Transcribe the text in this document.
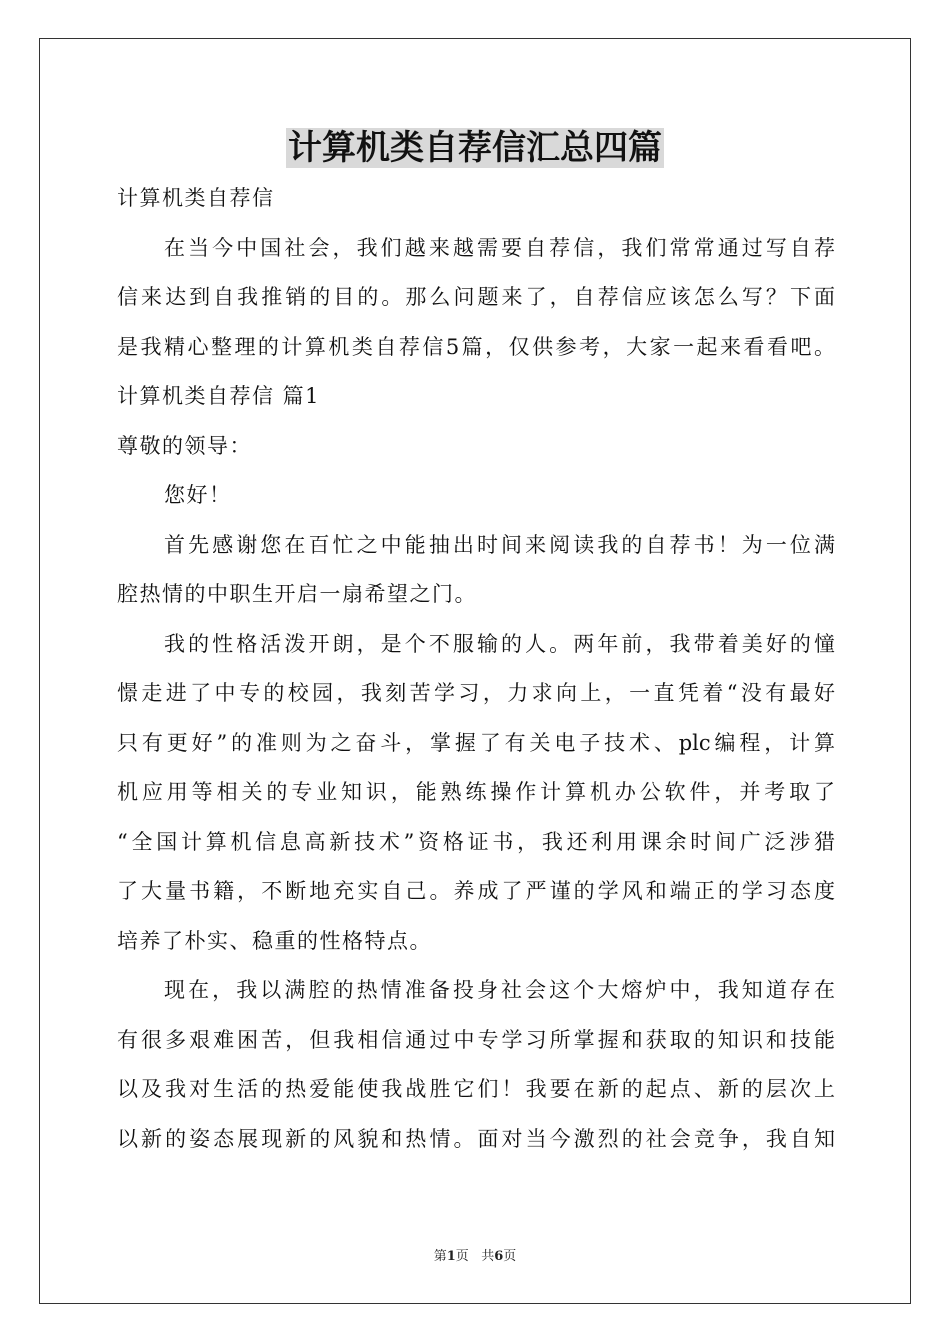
计算机类自荐信汇总四篇
计算机类自荐信
在当今中国社会，我们越来越需要自荐信，我们常常通过写自荐
信来达到自我推销的目的。那么问题来了，自荐信应该怎么写？下面
是我精心整理的计算机类自荐信5篇，仅供参考，大家一起来看看吧。
计算机类自荐信 篇1
尊敬的领导：
您好！
首先感谢您在百忙之中能抽出时间来阅读我的自荐书！为一位满
腔热情的中职生开启一扇希望之门。
我的性格活泼开朗，是个不服输的人。两年前，我带着美好的憧
憬走进了中专的校园，我刻苦学习，力求向上，一直凭着“没有最好
只有更好”的准则为之奋斗，掌握了有关电子技术、plc编程，计算
机应用等相关的专业知识，能熟练操作计算机办公软件，并考取了
“全国计算机信息高新技术”资格证书，我还利用课余时间广泛涉猎
了大量书籍，不断地充实自己。养成了严谨的学风和端正的学习态度
培养了朴实、稳重的性格特点。
现在，我以满腔的热情准备投身社会这个大熔炉中，我知道存在
有很多艰难困苦，但我相信通过中专学习所掌握和获取的知识和技能
以及我对生活的热爱能使我战胜它们！我要在新的起点、新的层次上
以新的姿态展现新的风貌和热情。面对当今激烈的社会竞争，我自知
第1页 共6页
